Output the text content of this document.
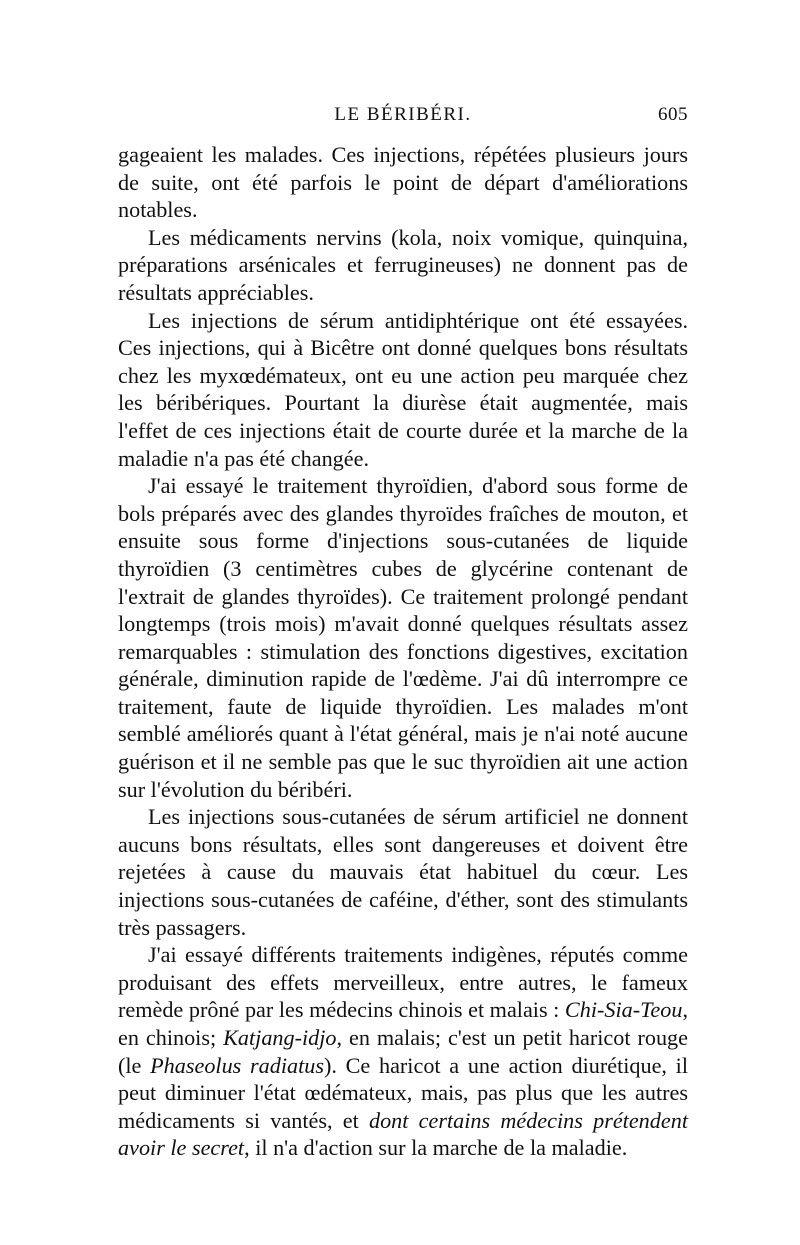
LE BÉRIBÉRI.	605

gageaient les malades. Ces injections, répétées plusieurs jours de suite, ont été parfois le point de départ d'améliorations notables.

Les médicaments nervins (kola, noix vomique, quinquina, préparations arsénicales et ferrugineuses) ne donnent pas de résultats appréciables.

Les injections de sérum antidiphtérique ont été essayées. Ces injections, qui à Bicêtre ont donné quelques bons résultats chez les myxœdémateux, ont eu une action peu marquée chez les béribériques. Pourtant la diurèse était augmentée, mais l'effet de ces injections était de courte durée et la marche de la maladie n'a pas été changée.

J'ai essayé le traitement thyroïdien, d'abord sous forme de bols préparés avec des glandes thyroïdes fraîches de mouton, et ensuite sous forme d'injections sous-cutanées de liquide thyroïdien (3 centimètres cubes de glycérine contenant de l'extrait de glandes thyroïdes). Ce traitement prolongé pendant longtemps (trois mois) m'avait donné quelques résultats assez remarquables : stimulation des fonctions digestives, excitation générale, diminution rapide de l'œdème. J'ai dû interrompre ce traitement, faute de liquide thyroïdien. Les malades m'ont semblé améliorés quant à l'état général, mais je n'ai noté aucune guérison et il ne semble pas que le suc thyroïdien ait une action sur l'évolution du béribéri.

Les injections sous-cutanées de sérum artificiel ne donnent aucuns bons résultats, elles sont dangereuses et doivent être rejetées à cause du mauvais état habituel du cœur. Les injections sous-cutanées de caféine, d'éther, sont des stimulants très passagers.

J'ai essayé différents traitements indigènes, réputés comme produisant des effets merveilleux, entre autres, le fameux remède prôné par les médecins chinois et malais : Chi-Sia-Teou, en chinois; Katjang-idjo, en malais; c'est un petit haricot rouge (le Phaseolus radiatus). Ce haricot a une action diurétique, il peut diminuer l'état œdémateux, mais, pas plus que les autres médicaments si vantés, et dont certains médecins prétendent avoir le secret, il n'a d'action sur la marche de la maladie.
